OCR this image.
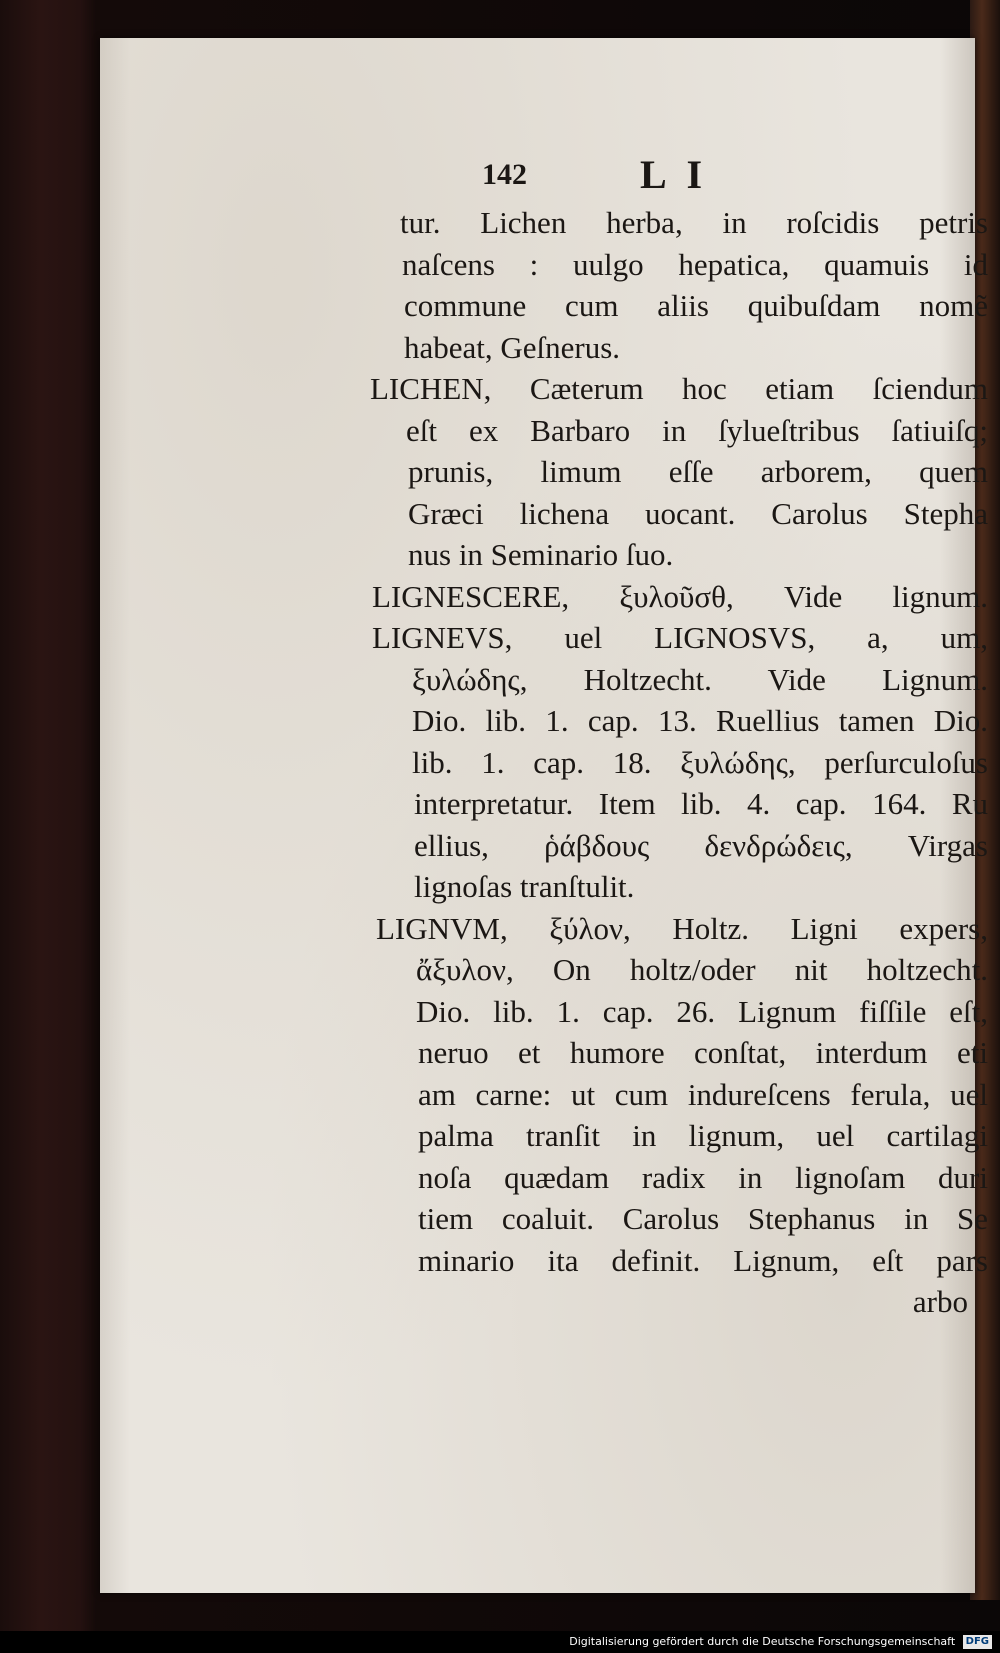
142	L I
tur. Lichen herba, in roſcidis petris
naſcens : uulgo hepatica, quamuis id
commune cum aliis quibuſdam nomẽ
habeat, Geſnerus.
LICHEN, Cæterum hoc etiam ſciendum
eſt ex Barbaro in ſylueſtribus ſatiuiſq;
prunis, limum eſſe arborem, quem
Græci lichena uocant. Carolus Stepha
nus in Seminario ſuo.
LIGNESCERE, ξυλοῦσθ, Vide lignum.
LIGNEVS, uel LIGNOSVS, a, um,
ξυλώδης, Holtzecht. Vide Lignum.
Dio. lib. 1. cap. 13. Ruellius tamen Dio.
lib. 1. cap. 18. ξυλώδης, perſurculoſus
interpretatur. Item lib. 4. cap. 164. Ru
ellius, ῥάβδους δενδρώδεις, Virgas
lignoſas tranſtulit.
LIGNVM, ξύλον, Holtz. Ligni expers,
ἄξυλον, On holtz/oder nit holtzecht.
Dio. lib. 1. cap. 26. Lignum fiſſile eſt,
neruo et humore conſtat, interdum eti
am carne: ut cum indureſcens ferula, uel
palma tranſit in lignum, uel cartilagi
noſa quædam radix in lignoſam duri
tiem coaluit. Carolus Stephanus in Se
minario ita definit. Lignum, eſt pars
arbo
Digitalisierung gefördert durch die Deutsche Forschungsgemeinschaft DFG
